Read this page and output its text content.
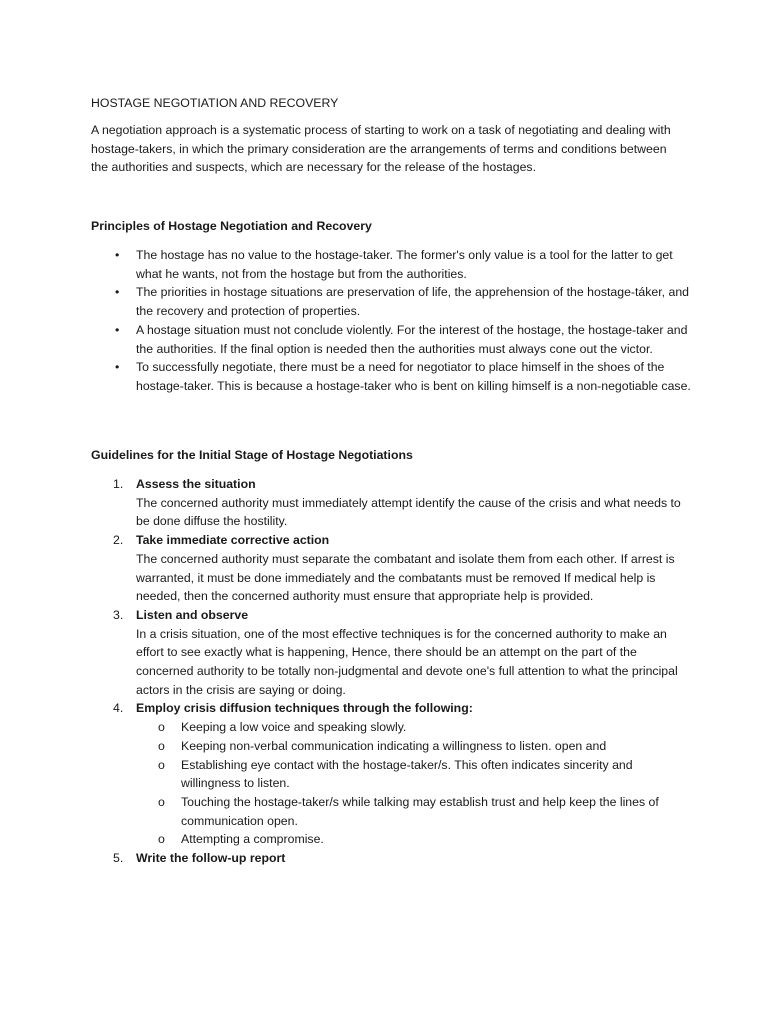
HOSTAGE NEGOTIATION AND RECOVERY

A negotiation approach is a systematic process of starting to work on a task of negotiating and dealing with hostage-takers, in which the primary consideration are the arrangements of terms and conditions between the authorities and suspects, which are necessary for the release of the hostages.

Principles of Hostage Negotiation and Recovery

• The hostage has no value to the hostage-taker. The former's only value is a tool for the latter to get what he wants, not from the hostage but from the authorities.
• The priorities in hostage situations are preservation of life, the apprehension of the hostage-táker, and the recovery and protection of properties.
• A hostage situation must not conclude violently. For the interest of the hostage, the hostage-taker and the authorities. If the final option is needed then the authorities must always cone out the victor.
• To successfully negotiate, there must be a need for negotiator to place himself in the shoes of the hostage-taker. This is because a hostage-taker who is bent on killing himself is a non-negotiable case.

Guidelines for the Initial Stage of Hostage Negotiations

1. Assess the situation
The concerned authority must immediately attempt identify the cause of the crisis and what needs to be done diffuse the hostility.
2. Take immediate corrective action
The concerned authority must separate the combatant and isolate them from each other. If arrest is warranted, it must be done immediately and the combatants must be removed If medical help is needed, then the concerned authority must ensure that appropriate help is provided.
3. Listen and observe
In a crisis situation, one of the most effective techniques is for the concerned authority to make an effort to see exactly what is happening, Hence, there should be an attempt on the part of the concerned authority to be totally non-judgmental and devote one's full attention to what the principal actors in the crisis are saying or doing.
4. Employ crisis diffusion techniques through the following:
o Keeping a low voice and speaking slowly.
o Keeping non-verbal communication indicating a willingness to listen. open and
o Establishing eye contact with the hostage-taker/s. This often indicates sincerity and willingness to listen.
o Touching the hostage-taker/s while talking may establish trust and help keep the lines of communication open.
o Attempting a compromise.
5. Write the follow-up report
